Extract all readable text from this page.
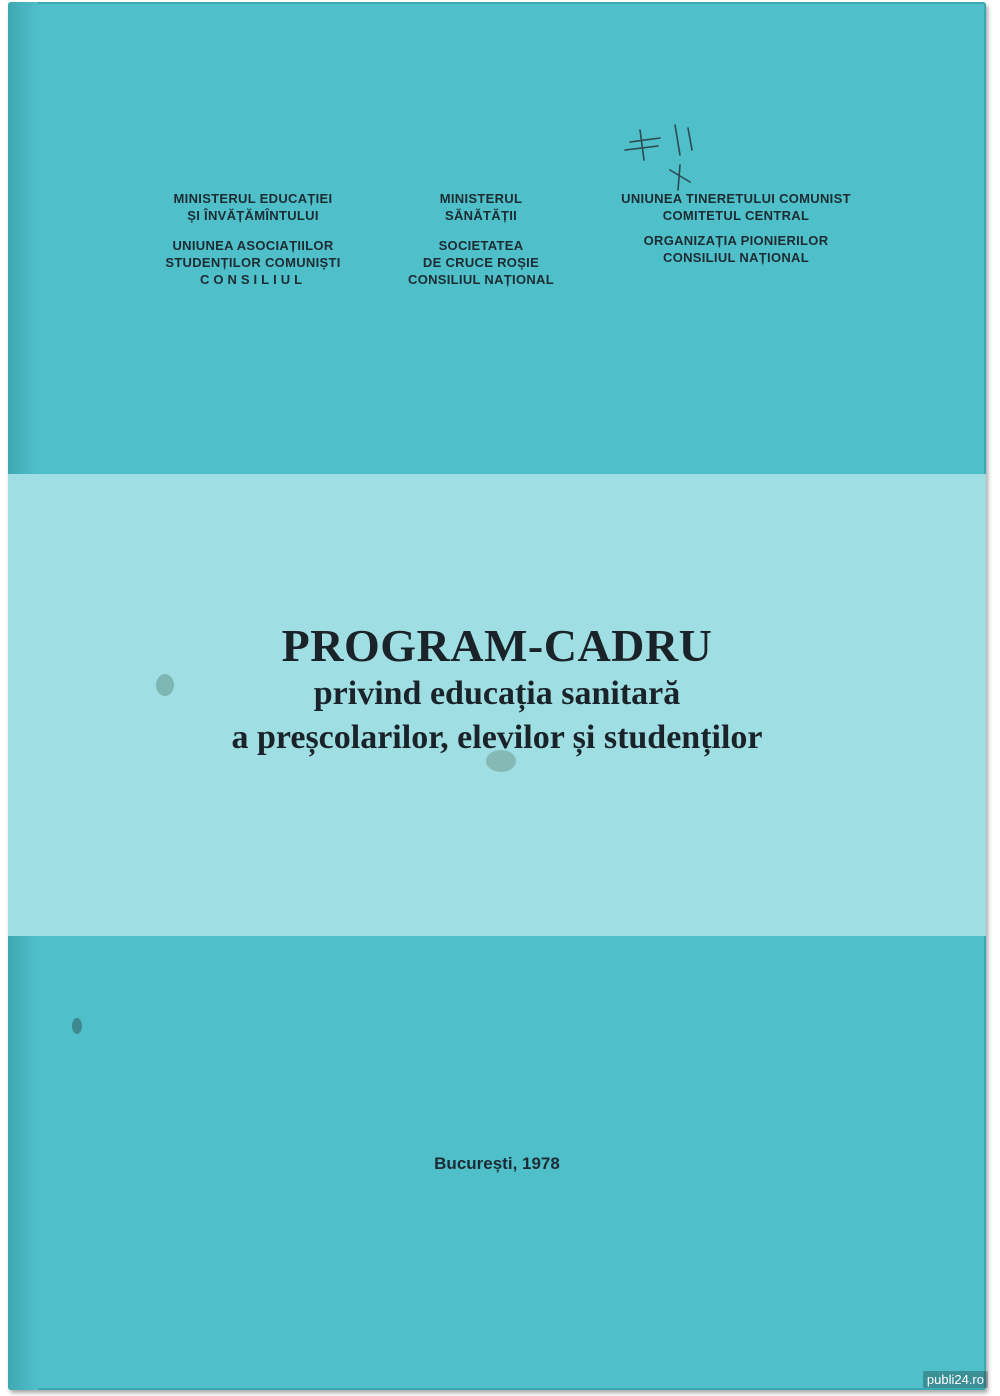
MINISTERUL EDUCAȚIEI
ȘI ÎNVĂȚĂMÎNTULUI
UNIUNEA ASOCIAȚIILOR
STUDENȚILOR COMUNIȘTI
CONSILIUL
MINISTERUL
SĂNĂTĂȚII
SOCIETATEA
DE CRUCE ROȘIE
CONSILIUL NAȚIONAL
UNIUNEA TINERETULUI COMUNIST
COMITETUL CENTRAL
ORGANIZAȚIA PIONIERILOR
CONSILIUL NAȚIONAL
PROGRAM-CADRU
privind educația sanitară
a preșcolarilor, elevilor și studenților
București, 1978
publi24.ro
